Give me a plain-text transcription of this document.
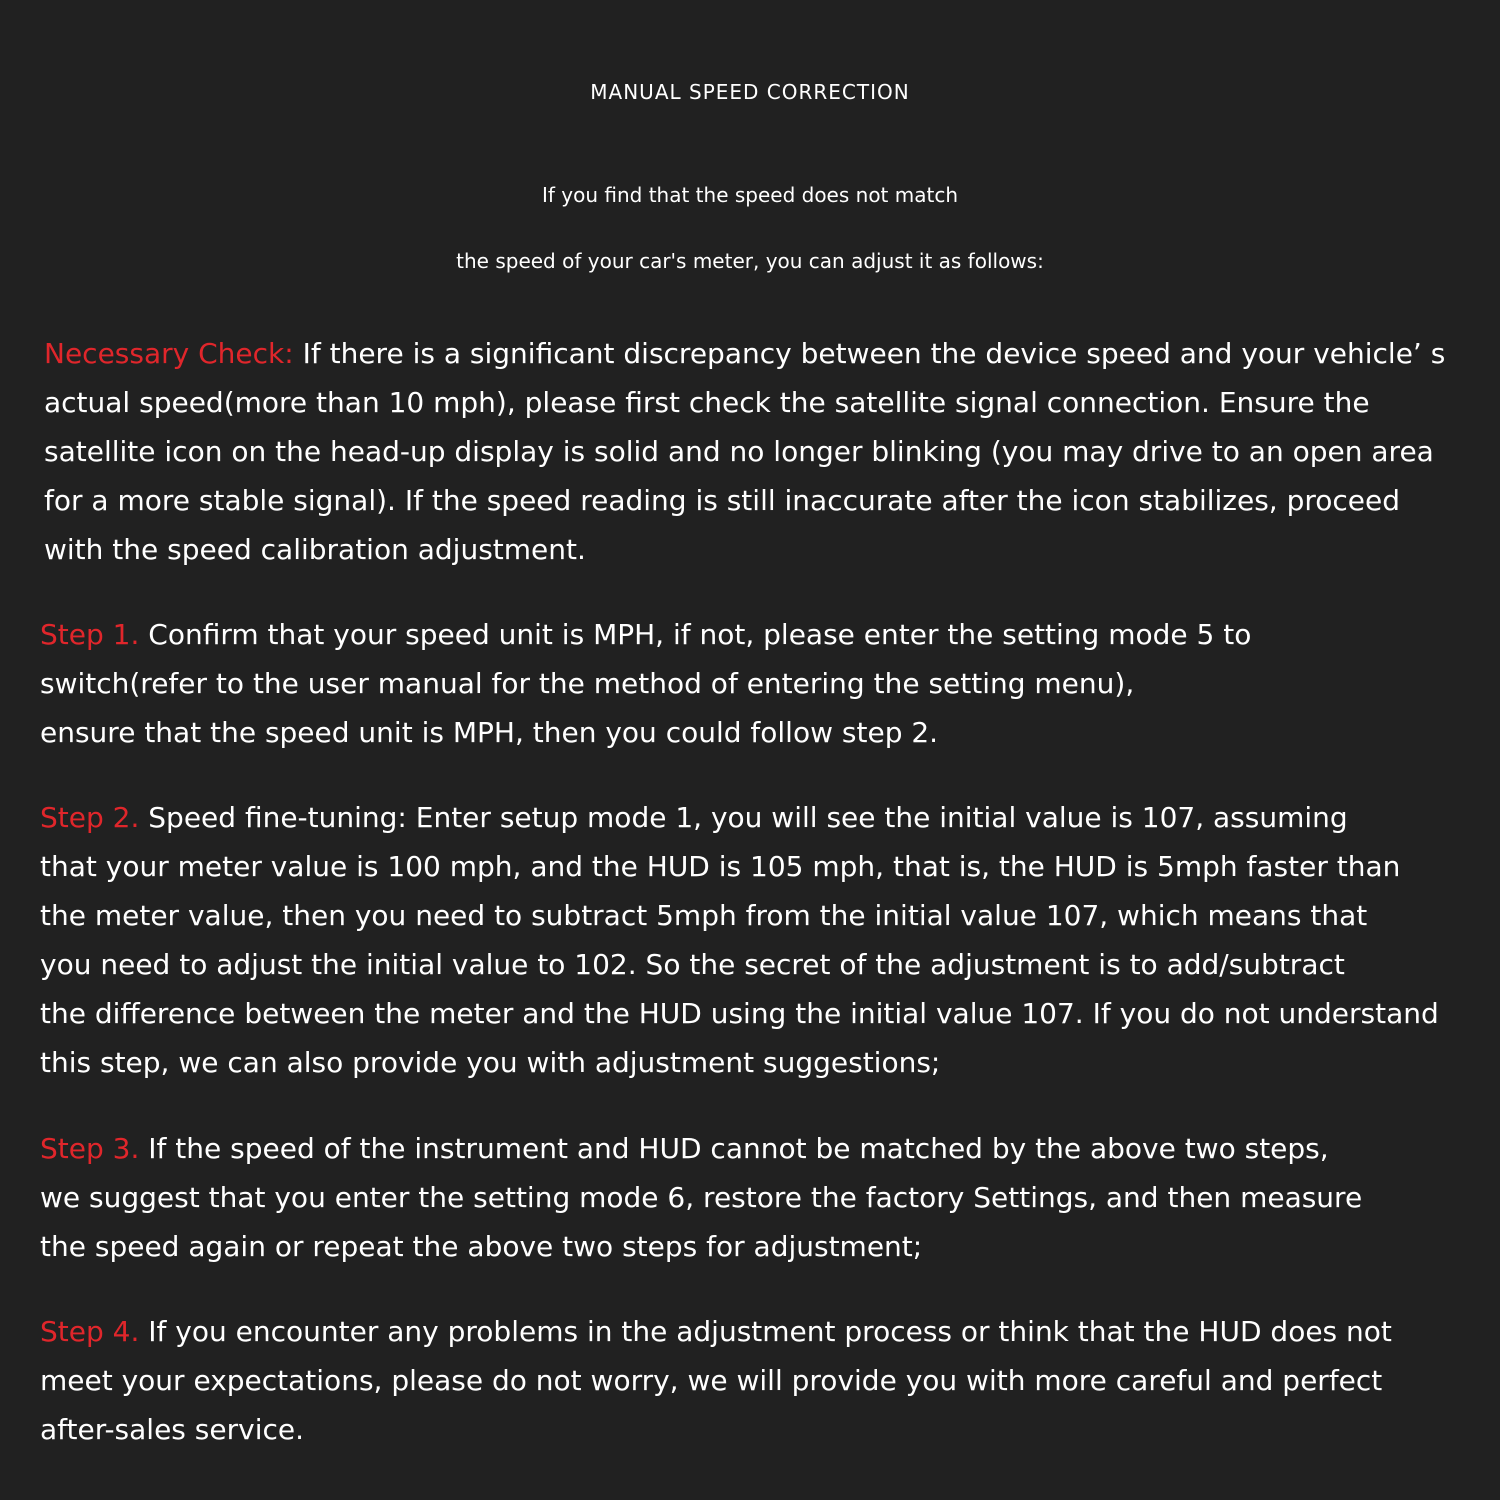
MANUAL SPEED CORRECTION

If you find that the speed does not match

the speed of your car's meter, you can adjust it as follows:

Necessary Check: If there is a significant discrepancy between the device speed and your vehicle’ s
actual speed(more than 10 mph), please first check the satellite signal connection. Ensure the
satellite icon on the head-up display is solid and no longer blinking (you may drive to an open area
for a more stable signal). If the speed reading is still inaccurate after the icon stabilizes, proceed
with the speed calibration adjustment.
Step 1. Confirm that your speed unit is MPH, if not, please enter the setting mode 5 to
switch(refer to the user manual for the method of entering the setting menu),
ensure that the speed unit is MPH, then you could follow step 2.
Step 2. Speed fine-tuning: Enter setup mode 1, you will see the initial value is 107, assuming
that your meter value is 100 mph, and the HUD is 105 mph, that is, the HUD is 5mph faster than
the meter value, then you need to subtract 5mph from the initial value 107, which means that
you need to adjust the initial value to 102. So the secret of the adjustment is to add/subtract
the difference between the meter and the HUD using the initial value 107. If you do not understand
this step, we can also provide you with adjustment suggestions;
Step 3. If the speed of the instrument and HUD cannot be matched by the above two steps,
we suggest that you enter the setting mode 6, restore the factory Settings, and then measure
the speed again or repeat the above two steps for adjustment;
Step 4. If you encounter any problems in the adjustment process or think that the HUD does not
meet your expectations, please do not worry, we will provide you with more careful and perfect
after-sales service.
